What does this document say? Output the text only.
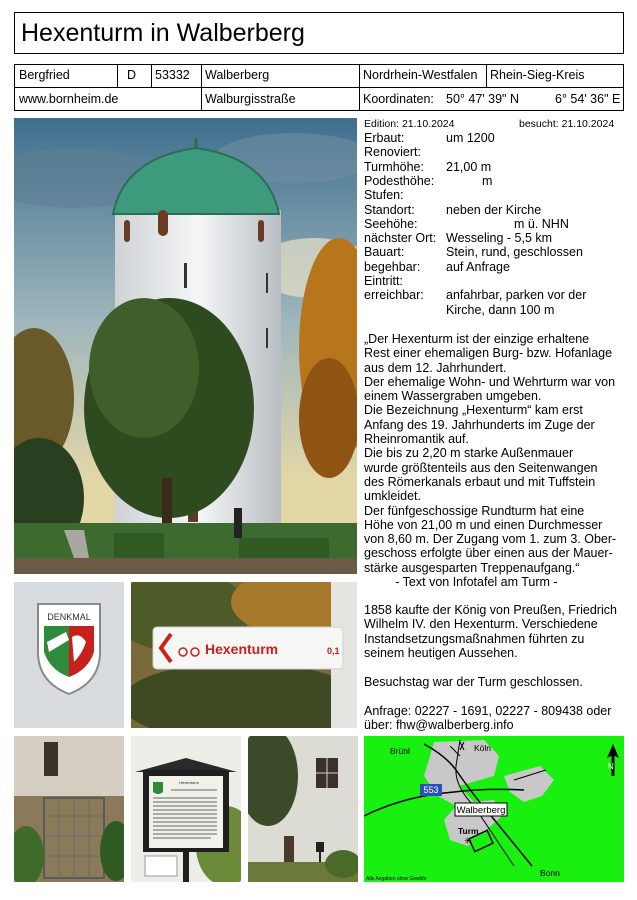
Hexenturm in Walberberg
Bergfried	D 53332 Walberberg	Nordrhein-Westfalen Rhein-Sieg-Kreis
www.bornheim.de	Walburgisstraße	Koordinaten: 50° 47' 39" N	6° 54' 36" E
Edition: 21.10.2024	besucht: 21.10.2024
Erbaut:	um 1200
Renoviert:
Turmhöhe: 21,00 m
Podesthöhe:	m
Stufen:
Standort:	neben der Kirche
Seehöhe:	m ü. NHN
nächster Ort: Wesseling - 5,5 km
Bauart:	Stein, rund, geschlossen
begehbar: auf Anfrage
Eintritt:
erreichbar: anfahrbar, parken vor der
Kirche, dann 100 m

„Der Hexenturm ist der einzige erhaltene

Rest einer ehemaligen Burg- bzw. Hofanlage

aus dem 12. Jahrhundert.

Der ehemalige Wohn- und Wehrturm war von

einem Wassergraben umgeben.

Die Bezeichnung „Hexenturm“ kam erst

Anfang des 19. Jahrhunderts im Zuge der

Rheinromantik auf.

Die bis zu 2,20 m starke Außenmauer

wurde größtenteils aus den Seitenwangen

des Römerkanals erbaut und mit Tuffstein

umkleidet.

Der fünfgeschossige Rundturm hat eine

Höhe von 21,00 m und einen Durchmesser

von 8,60 m. Der Zugang vom 1. zum 3. Ober-

geschoss erfolgte über einen aus der Mauer-

stärke ausgesparten Treppenaufgang.“

- Text von Infotafel am Turm -

1858 kaufte der König von Preußen, Friedrich

Wilhelm IV. den Hexenturm. Verschiedene

Instandsetzungsmaßnahmen führten zu

seinem heutigen Aussehen.

Besuchstag war der Turm geschlossen.

Anfrage: 02227 - 1691, 02227 - 809438 oder

über: fhw@walberberg.info

DENKMAL
Hexenturm	0,1
Hexenturm
553
Walberberg
Brühl	Köln
Turm
✳
Bonn
Alle Angaben ohne Gewähr
N
